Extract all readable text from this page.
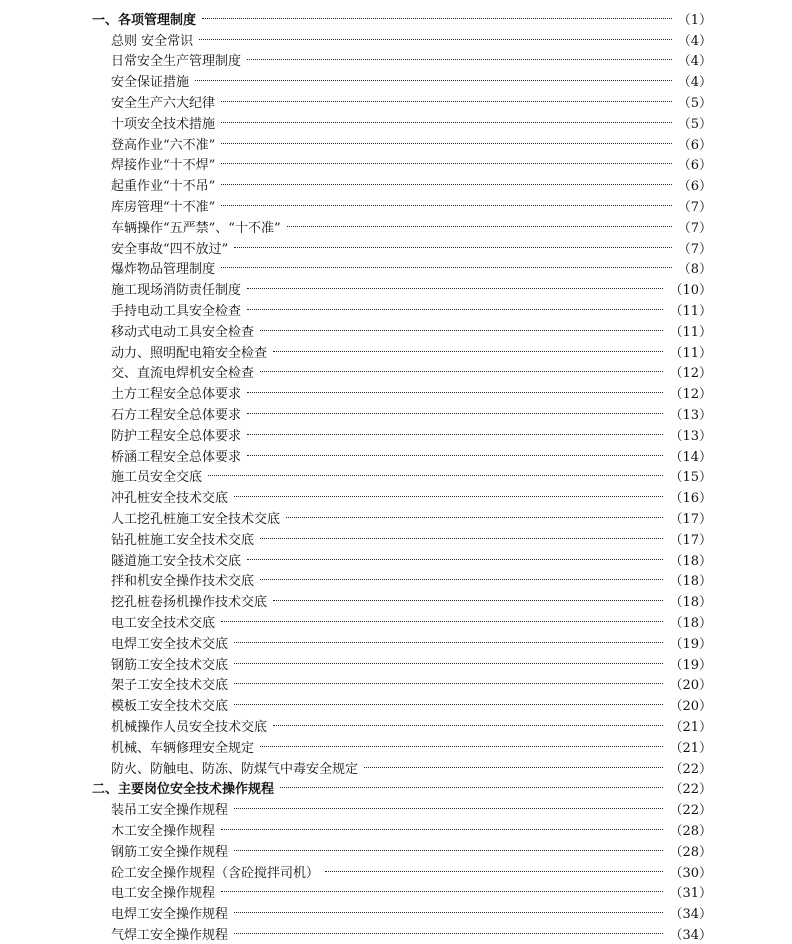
一、各项管理制度	（1）
总则 安全常识	（4）
日常安全生产管理制度	（4）
安全保证措施	（4）
安全生产六大纪律	（5）
十项安全技术措施	（5）
登高作业“六不准”	（6）
焊接作业“十不焊”	（6）
起重作业“十不吊”	（6）
库房管理“十不准”	（7）
车辆操作“五严禁”、“十不准”	（7）
安全事故“四不放过”	（7）
爆炸物品管理制度	（8）
施工现场消防责任制度	（10）
手持电动工具安全检查	（11）
移动式电动工具安全检查	（11）
动力、照明配电箱安全检查	（11）
交、直流电焊机安全检查	（12）
土方工程安全总体要求	（12）
石方工程安全总体要求	（13）
防护工程安全总体要求	（13）
桥涵工程安全总体要求	（14）
施工员安全交底	（15）
冲孔桩安全技术交底	（16）
人工挖孔桩施工安全技术交底	（17）
钻孔桩施工安全技术交底	（17）
隧道施工安全技术交底	（18）
拌和机安全操作技术交底	（18）
挖孔桩卷扬机操作技术交底	（18）
电工安全技术交底	（18）
电焊工安全技术交底	（19）
钢筋工安全技术交底	（19）
架子工安全技术交底	（20）
模板工安全技术交底	（20）
机械操作人员安全技术交底	（21）
机械、车辆修理安全规定	（21）
防火、防触电、防冻、防煤气中毒安全规定	（22）
二、主要岗位安全技术操作规程	（22）
装吊工安全操作规程	（22）
木工安全操作规程	（28）
钢筋工安全操作规程	（28）
砼工安全操作规程（含砼搅拌司机）	（30）
电工安全操作规程	（31）
电焊工安全操作规程	（34）
气焊工安全操作规程	（34）
